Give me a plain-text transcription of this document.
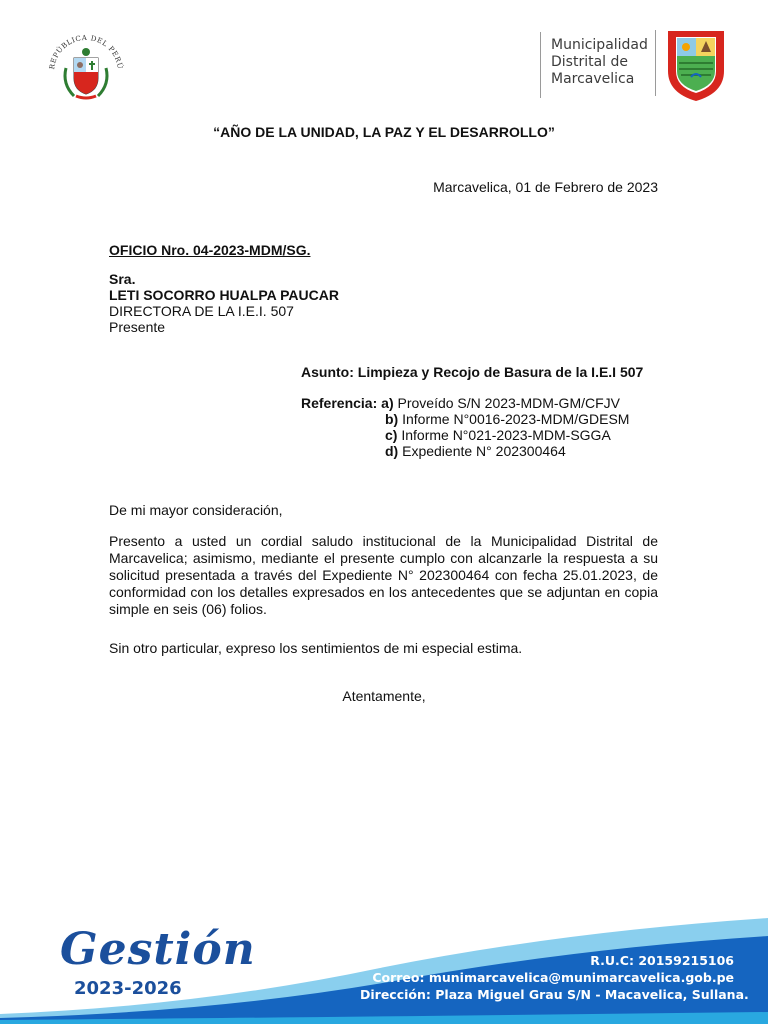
REPÚBLICA DEL PERÚ
Municipalidad
Distrital de
Marcavelica
“AÑO DE LA UNIDAD, LA PAZ Y EL DESARROLLO”
Marcavelica, 01 de Febrero de 2023
OFICIO Nro. 04-2023-MDM/SG.
Sra.
LETI SOCORRO HUALPA PAUCAR
DIRECTORA DE LA I.E.I. 507
Presente
Asunto: Limpieza y Recojo de Basura de la I.E.I 507
Referencia: a) Proveído S/N 2023-MDM-GM/CFJV
b) Informe N°0016-2023-MDM/GDESM
c) Informe N°021-2023-MDM-SGGA
d) Expediente N° 202300464
De mi mayor consideración,
Presento a usted un cordial saludo institucional de la Municipalidad Distrital de Marcavelica; asimismo, mediante el presente cumplo con alcanzarle la respuesta a su solicitud presentada a través del Expediente N° 202300464 con fecha 25.01.2023, de conformidad con los detalles expresados en los antecedentes que se adjuntan en copia simple en seis (06) folios.
Sin otro particular, expreso los sentimientos de mi especial estima.
Atentamente,
Gestión
2023-2026
R.U.C: 20159215106
Correo: munimarcavelica@munimarcavelica.gob.pe
Dirección: Plaza Miguel Grau S/N - Macavelica, Sullana.
